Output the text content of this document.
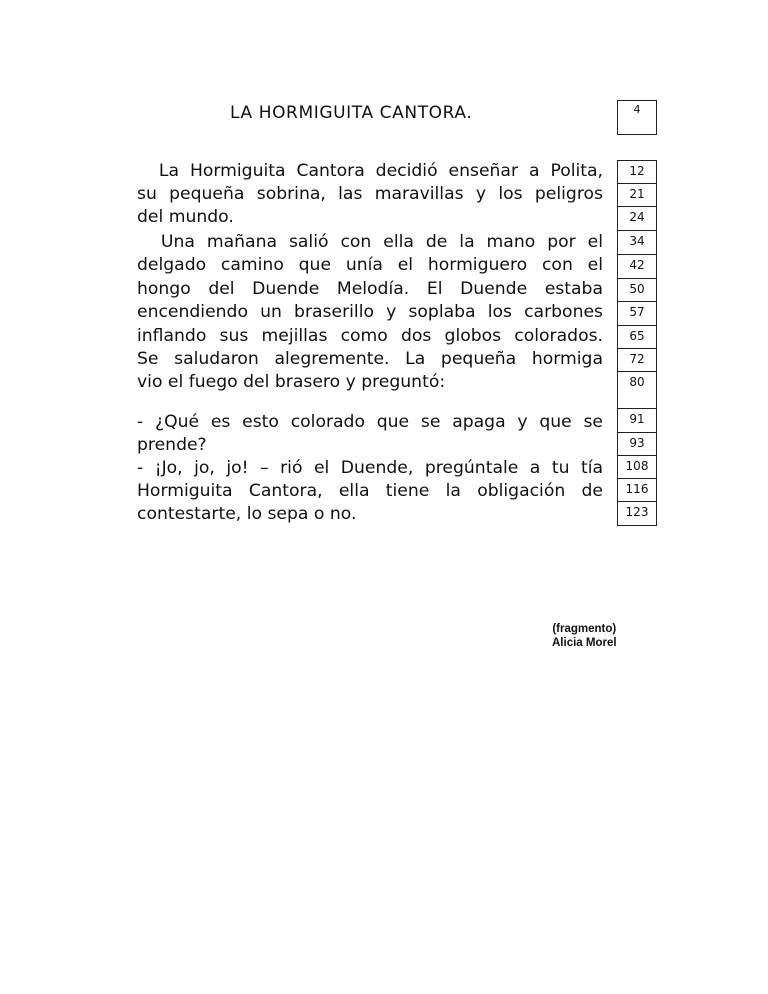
LA HORMIGUITA CANTORA.	4
La Hormiguita Cantora decidió enseñar a Polita,
su pequeña sobrina, las maravillas y los peligros
del mundo.
Una mañana salió con ella de la mano por el
delgado camino que unía el hormiguero con el
hongo del Duende Melodía. El Duende estaba
encendiendo un braserillo y soplaba los carbones
inflando sus mejillas como dos globos colorados.
Se saludaron alegremente. La pequeña hormiga
vio el fuego del brasero y preguntó:
- ¿Qué es esto colorado que se apaga y que se
prende?
- ¡Jo, jo, jo! – rió el Duende, pregúntale a tu tía
Hormiguita Cantora, ella tiene la obligación de
contestarte, lo sepa o no.
12
21
24
34
42
50
57
65
72
80
91
93
108
116
123
(fragmento)
Alicia Morel
